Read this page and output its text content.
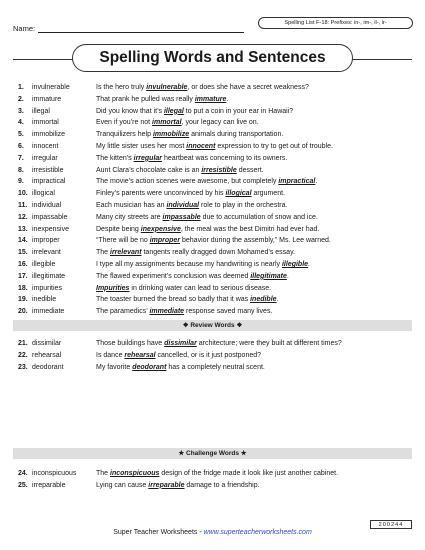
Name:
Spelling List F-18: Prefixes: in-, im-, il-, ir-
Spelling Words and Sentences
1. invulnerable	Is the hero truly invulnerable, or does she have a secret weakness?
2. immature	That prank he pulled was really immature.
3. illegal	Did you know that it’s illegal to put a coin in your ear in Hawaii?
4. immortal	Even if you’re not immortal, your legacy can live on.
5. immobilize	Tranquilizers help immobilize animals during transportation.
6. innocent	My little sister uses her most innocent expression to try to get out of trouble.
7. irregular	The kitten’s irregular heartbeat was concerning to its owners.
8. irresistible	Aunt Clara’s chocolate cake is an irresistible dessert.
9. impractical	The movie’s action scenes were awesome, but completely impractical.
10. illogical	Finley’s parents were unconvinced by his illogical argument.
11. individual	Each musician has an individual role to play in the orchestra.
12. impassable	Many city streets are impassable due to accumulation of snow and ice.
13. inexpensive	Despite being inexpensive, the meal was the best Dimitri had ever had.
14. improper	“There will be no improper behavior during the assembly,” Ms. Lee warned.
15. irrelevant	The irrelevant tangents really dragged down Mohamed’s essay.
16. illegible	I type all my assignments because my handwriting is nearly illegible.
17. illegitimate	The flawed experiment’s conclusion was deemed illegitimate.
18. impurities	Impurities in drinking water can lead to serious disease.
19. inedible	The toaster burned the bread so badly that it was inedible.
20. immediate	The paramedics’ immediate response saved many lives.
❖ Review Words ❖
21. dissimilar	Those buildings have dissimilar architecture; were they built at different times?
22. rehearsal	Is dance rehearsal cancelled, or is it just postponed?
23. deodorant	My favorite deodorant has a completely neutral scent.
★ Challenge Words ★
24. inconspicuous	The inconspicuous design of the fridge made it look like just another cabinet.
25. irreparable	Lying can cause irreparable damage to a friendship.
200244
Super Teacher Worksheets - www.superteacherworksheets.com
